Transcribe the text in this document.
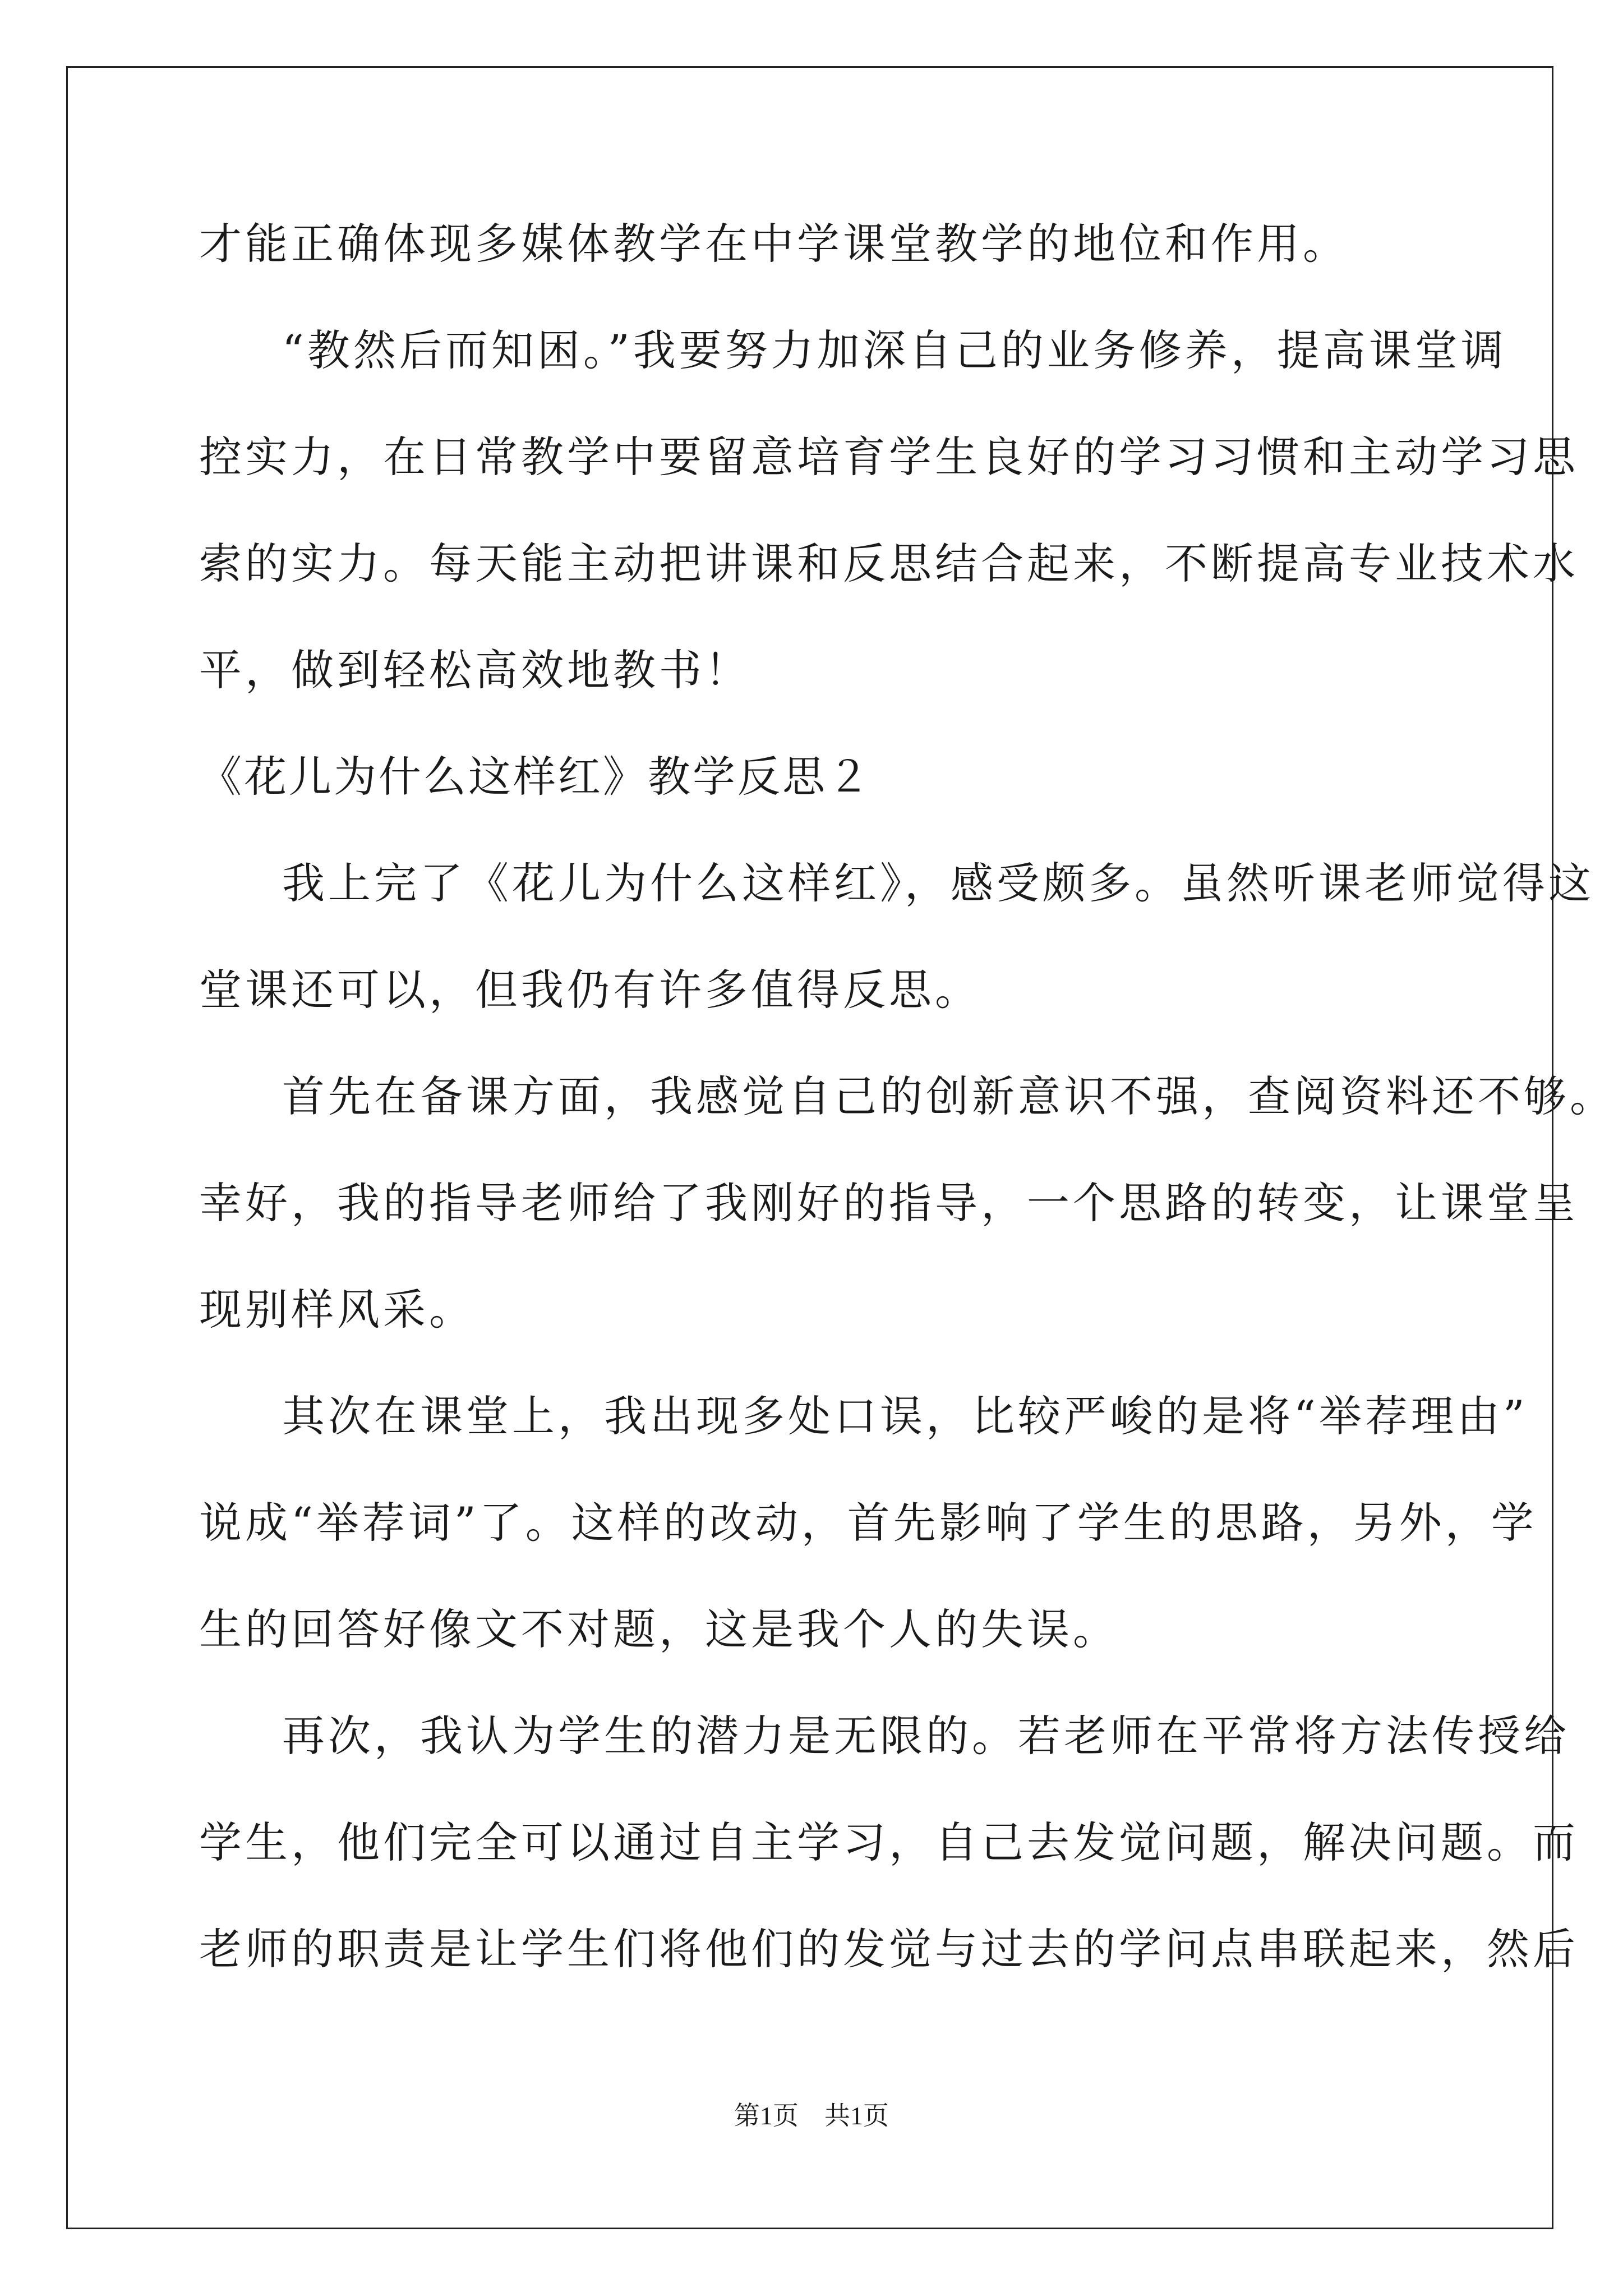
才能正确体现多媒体教学在中学课堂教学的地位和作用。
“教然后而知困。”我要努力加深自己的业务修养，提高课堂调
控实力，在日常教学中要留意培育学生良好的学习习惯和主动学习思
索的实力。每天能主动把讲课和反思结合起来，不断提高专业技术水
平，做到轻松高效地教书！
《花儿为什么这样红》教学反思２
我上完了《花儿为什么这样红》，感受颇多。虽然听课老师觉得这
堂课还可以，但我仍有许多值得反思。
首先在备课方面，我感觉自己的创新意识不强，查阅资料还不够。
幸好，我的指导老师给了我刚好的指导，一个思路的转变，让课堂呈
现别样风采。
其次在课堂上，我出现多处口误，比较严峻的是将“举荐理由”
说成“举荐词”了。这样的改动，首先影响了学生的思路，另外，学
生的回答好像文不对题，这是我个人的失误。
再次，我认为学生的潜力是无限的。若老师在平常将方法传授给
学生，他们完全可以通过自主学习，自己去发觉问题，解决问题。而
老师的职责是让学生们将他们的发觉与过去的学问点串联起来，然后
第1页　共1页
